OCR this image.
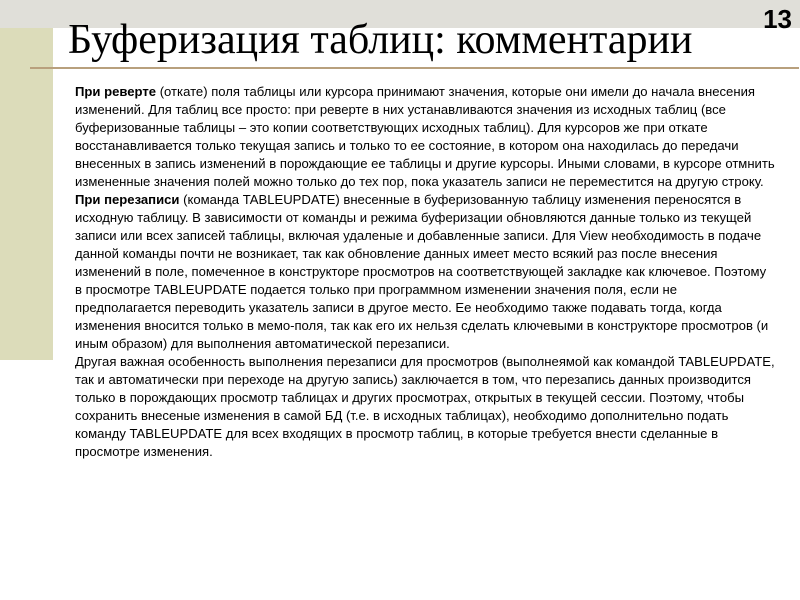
Буферизация таблиц: комментарии	13

При реверте (откате) поля таблицы или курсора принимают значения, которые они имели до начала внесения изменений. Для таблиц все просто: при реверте в них устанавливаются значения из исходных таблиц (все буферизованные таблицы – это копии соответствующих исходных таблиц). Для курсоров же при откате восстанавливается только текущая запись и только то ее состояние, в котором она находилась до передачи внесенных в запись изменений в порождающие ее таблицы и другие курсоры. Иными словами, в курсоре отмнить измененные значения полей можно только до тех пор, пока указатель записи не переместится на другую строку.

При перезаписи (команда TABLEUPDATE) внесенные в буферизованную таблицу изменения переносятся в исходную таблицу. В зависимости от команды и режима буферизации обновляются данные только из текущей записи или всех записей таблицы, включая удаленые и добавленные записи. Для View необходимость в подаче данной команды почти не возникает, так как обновление данных имеет место всякий раз после внесения изменений в поле, помеченное в конструкторе просмотров на соответствующей закладке как ключевое. Поэтому в просмотре TABLEUPDATE подается только при программном изменении значения поля, если не предполагается переводить указатель записи в другое место. Ее необходимо также подавать тогда, когда изменения вносится только в мемо-поля, так как его их нельзя сделать ключевыми в конструкторе просмотров (и иным образом) для выполнения автоматической перезаписи.

Другая важная особенность выполнения перезаписи для просмотров (выполнеямой как командой TABLEUPDATE, так и автоматически при переходе на другую запись) заключается в том, что перезапись данных производится только в порождающих просмотр таблицах и других просмотрах, открытых в текущей сессии. Поэтому, чтобы сохранить внесеные изменения в самой БД (т.е. в исходных таблицах), необходимо дополнительно подать команду TABLEUPDATE для всех входящих в просмотр таблиц, в которые требуется внести сделанные в просмотре изменения.
